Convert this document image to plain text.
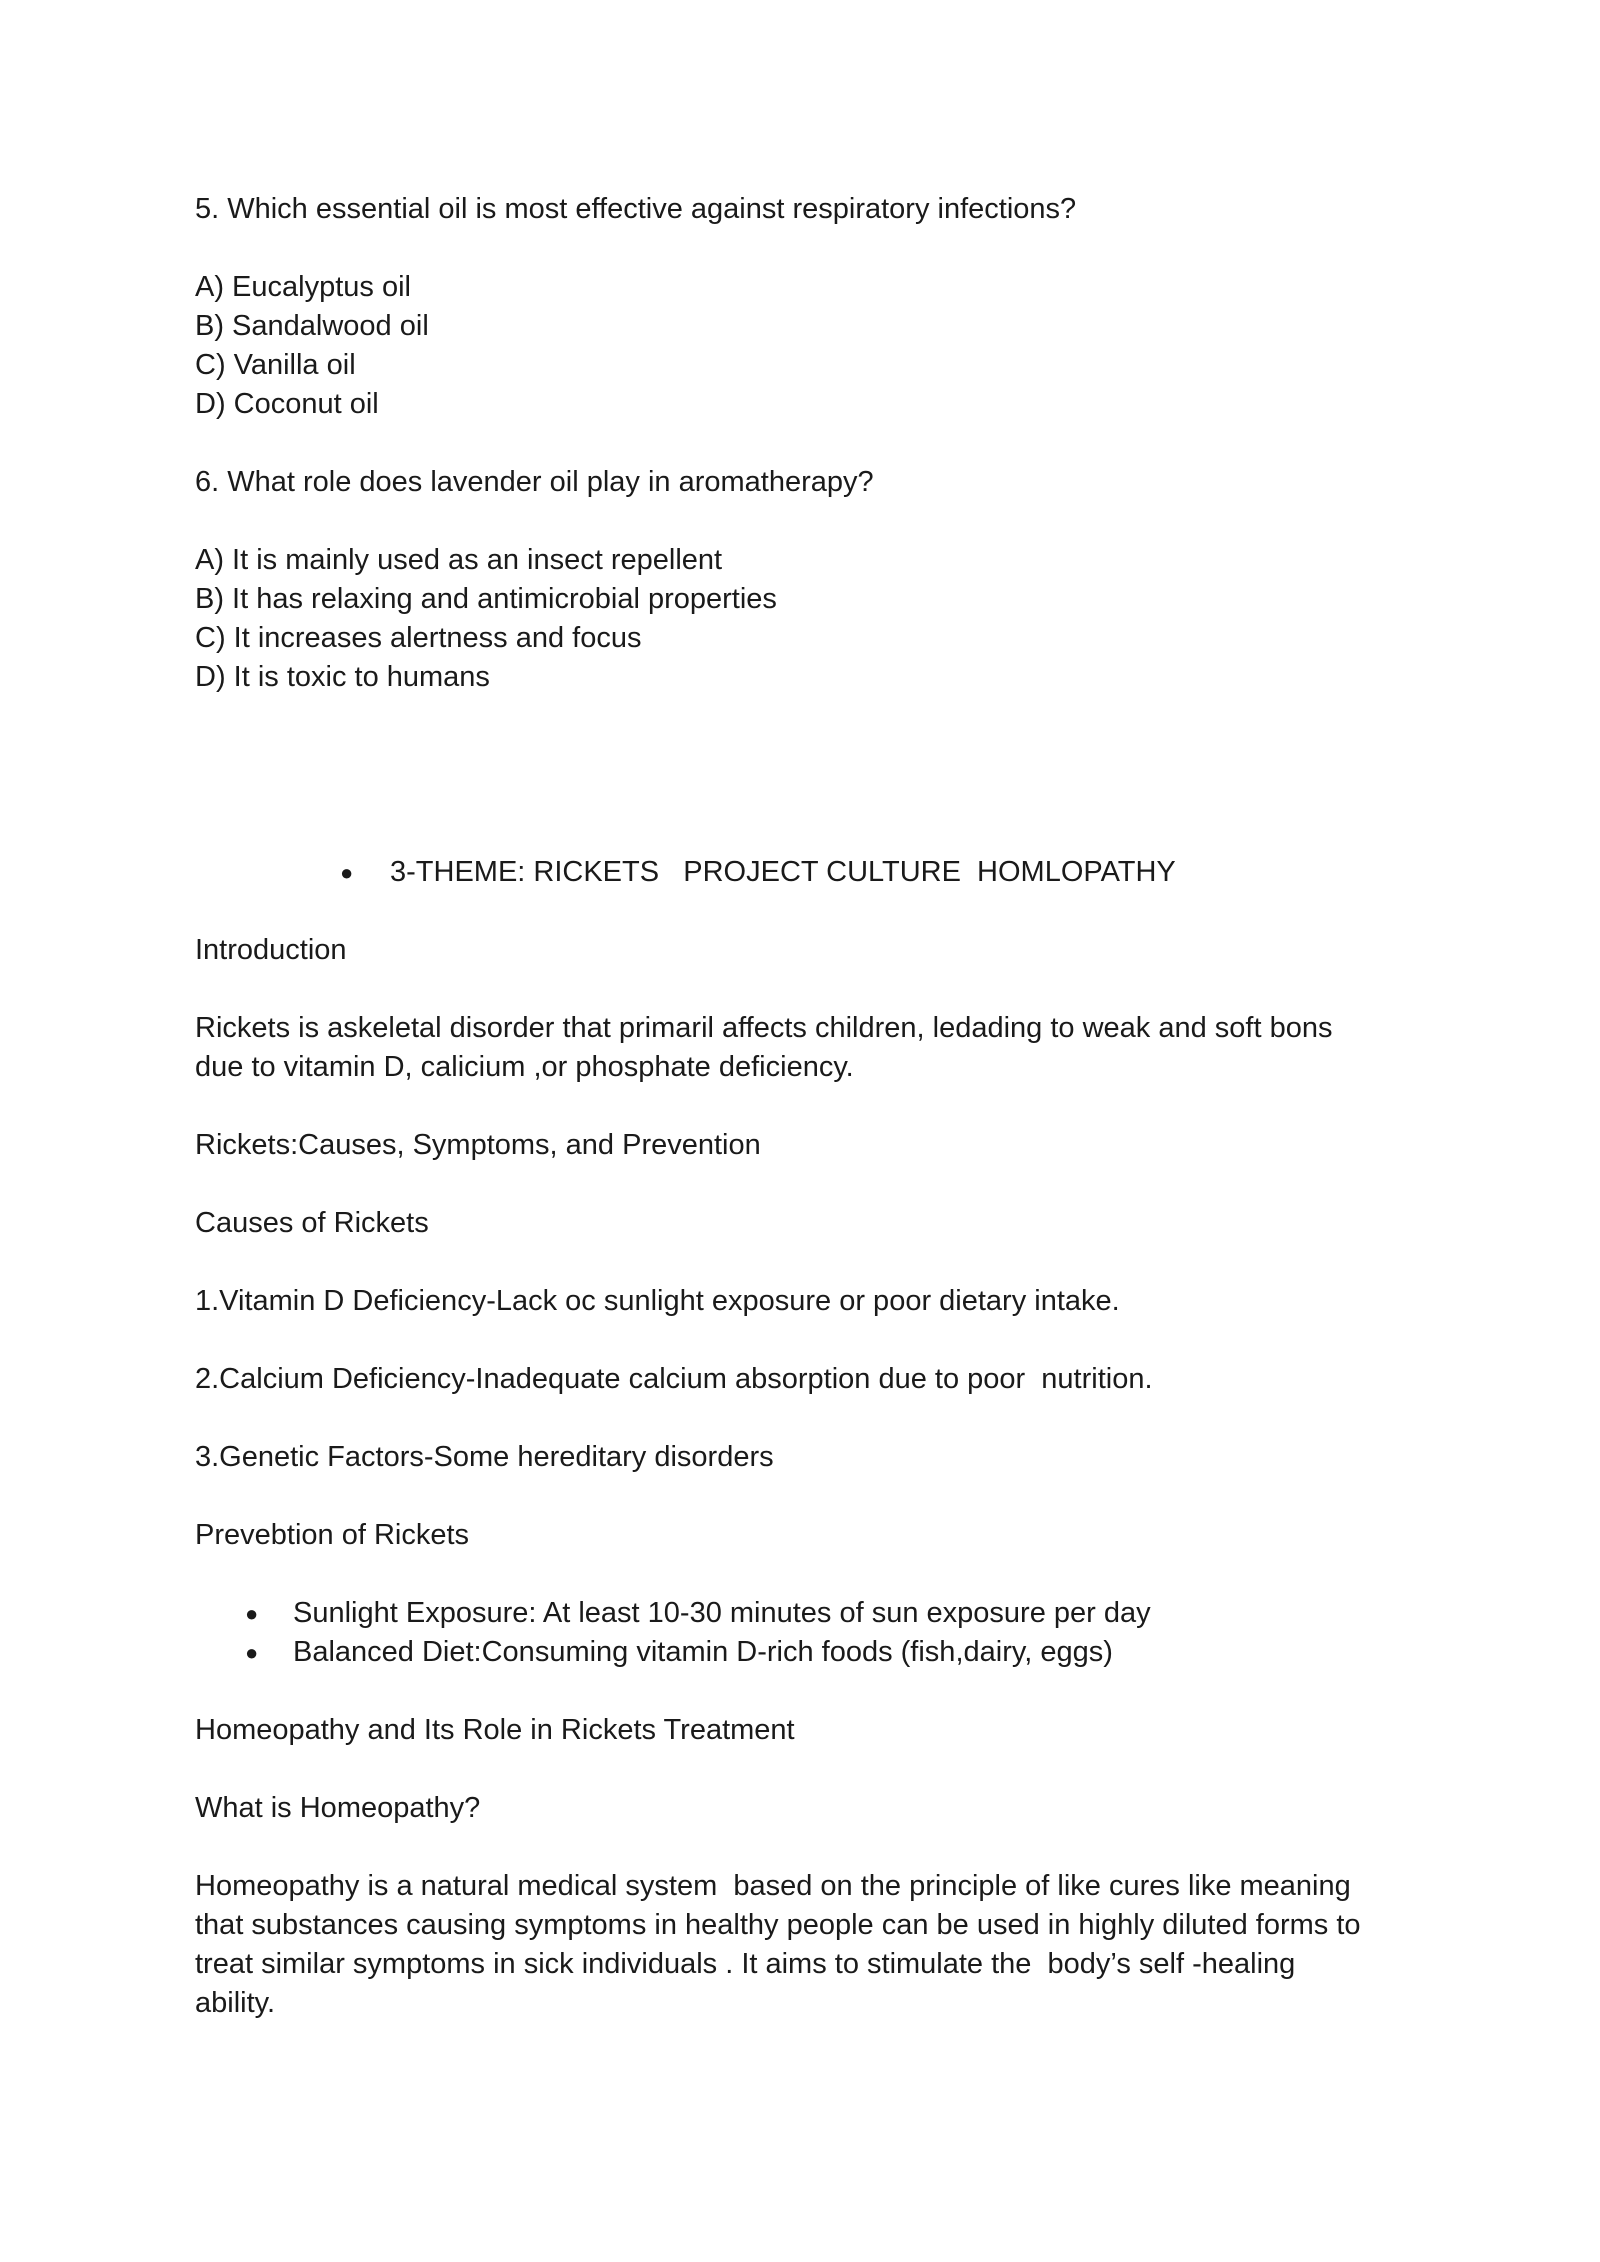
5. Which essential oil is most effective against respiratory infections?
A) Eucalyptus oil
B) Sandalwood oil
C) Vanilla oil
D) Coconut oil
6. What role does lavender oil play in aromatherapy?
A) It is mainly used as an insect repellent
B) It has relaxing and antimicrobial properties
C) It increases alertness and focus
D) It is toxic to humans
●	3-THEME: RICKETS   PROJECT CULTURE  HOMLOPATHY
Introduction
Rickets is askeletal disorder that primaril affects children, ledading to weak and soft bons
due to vitamin D, calicium ,or phosphate deficiency.
Rickets:Causes, Symptoms, and Prevention
Causes of Rickets
1.Vitamin D Deficiency-Lack oc sunlight exposure or poor dietary intake.
2.Calcium Deficiency-Inadequate calcium absorption due to poor  nutrition.
3.Genetic Factors-Some hereditary disorders
Prevebtion of Rickets
●	Sunlight Exposure: At least 10-30 minutes of sun exposure per day
●	Balanced Diet:Consuming vitamin D-rich foods (fish,dairy, eggs)
Homeopathy and Its Role in Rickets Treatment
What is Homeopathy?
Homeopathy is a natural medical system  based on the principle of like cures like meaning
that substances causing symptoms in healthy people can be used in highly diluted forms to
treat similar symptoms in sick individuals . It aims to stimulate the  body’s self -healing
ability.
